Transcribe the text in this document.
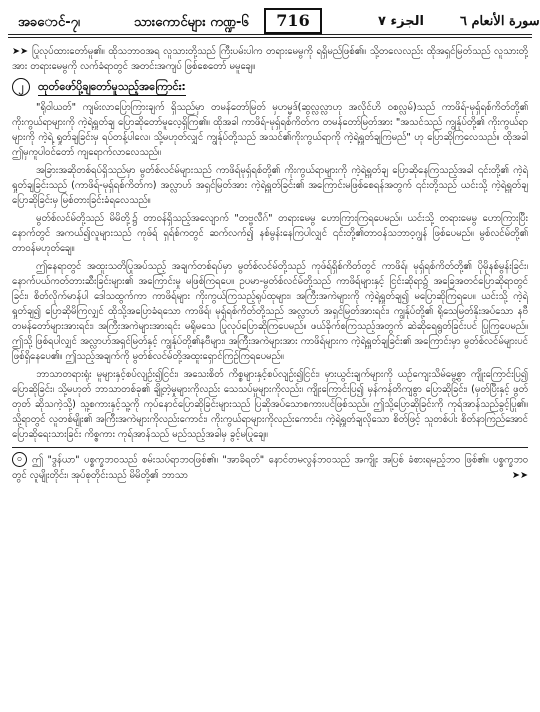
အခ​ောင်-၇၊	သားကောင်များ ကဏ္ဍ-၆	716	الجزء ٧	سورة الأنعام ٦

➤➤ ပြုလုပ်ထားတော်မူ၏။ ထိုသဘာဝအရ လူသားတို့သည် ကြီးပမ်းပါက တရားမေမွကို ရရှိမည်ဖြစ်၏။ သို့တလေလည်း ထိုအရှင်မြတ်သည် လူသားတို့အား တရားမေမွကို လက်ခံရာတွင် အတင်းအကျပ် ဖြစ်စေတော် မမူချေ။

၂	ထုတ်ဖော်ပို့ချတော်မူသည့်အကြောင်း:

"ရိုဝါယတ်" ကျမ်းလာပြောကြားချက် ရှိသည်မှာ တမန်တော်မြတ် မှဟမ္မဒ်(ဆွလ္လလ္လာဟု အလိုင်ဟိ ဝစလ္လမ်)သည် ကာဖိရ်-မုရှ်ရစ်ကိတ်တို့၏ ကိုးကွယ်ရာများကို ကဲ့ရဲ့ရှုတ်ချ ပြောဆိုတော်မူလေ့ရှိကြ၏။ ထိုအခါ ကာဖိရ်-မုရှ်ရစ်ကိတ်က တမန်တော်မြတ်အား "အသင်သည် ကျွန်ုပ်တို့၏ ကိုးကွယ်ရာများကို ကဲ့ရဲ့ ရှုတ်ချခြင်းမှ ရပ်တန့်ပါလေ၊ သို့မဟုတ်လျှင် ကျွန်ုပ်တို့သည် အသင်၏ကိုးကွယ်ရာကို ကဲ့ရဲ့ရှုတ်ချကြမည်" ဟု ပြောဆိုကြလေသည်။ ထိုအခါ ဤမှကူပါဝင်တော် ကျရောက်လာလေသည်။

အခြားအဆိုတစ်ရပ်ရှိသည်မှာ မွတ်စ်လင်မ်များသည် ကာဖိရ်မုရှ်ရစ်တို့၏ ကိုးကွယ်ရာများကို ကဲ့ရဲ့ရှုတ်ချ ပြောဆိုနေကြသည့်အခါ ၎င်းတို့၏ ကဲ့ရဲ့ရှုတ်ချခြင်းသည် (ကာဖိရ်-မုရှ်ရစ်ကိတ်က) အလ္လာဟ် အရှင်မြတ်အား ကဲ့ရဲ့ရှုတ်ခြင်း၏ အကြောင်းမဖြစ်စေရန်အတွက် ၎င်းတို့သည် ယင်းသို့ ကဲ့ရဲ့ရှုတ်ချ ပြောဆိုခြင်းမှ မြစ်တားခြင်းခံရလေသည်။

မွတ်စ်လင်မ်တို့သည် မိမိတို့၌ တာဝန်ရှိသည့်အလျောက် "တဗ္ဗလီဂ်" တရားမေမွ ဟောကြားကြရပေမည်။ ယင်းသို့ တရားမေမွ ဟောကြားပြီးနောက်တွင် အကယ်၍လူများသည် ကုဖ်ရ် ရှရ်စ်ကတွင် ဆက်လက်၍ နစ်မွန်းနေကြပါလျှင် ၎င်းတို့၏တာဝန်သဘာဝ့ဂျွန် ဖြစ်ပေမည်။ မွစ်လင်မ်တို့၏ တာဝန်မဟုတ်ချေ။

ဤနေရာတွင် အထူးသတိပြုအပ်သည့် အချက်တစ်ရပ်မှာ မွတ်စ်လင်မ်တို့သည် ကုဖ်ရ်ရှိစ်ကိတ်တွင် ကာဖိရ်၊ မုရှ်ရစ်ကိတ်တို့၏ ပိုမိုနစ်မွန်းခြင်း၊ နောက်ပယ်ကတ်တားဆီးခြင်းများ၏ အကြောင်းမှု မဖြစ်ကြရပေ။ ဥပမာ-မွတ်စ်လင်မ်တို့သည် ကာဖိရ်များနှင့် ငြင်းဆိုရာ၌ အခြေအတင်ပြောဆိုရာတွင်ခြင်း၊ စိတ်လိုက်မာန်ပါ ဒေါသထွက်ကာ ကာဖိရ်များ ကိုးကွယ်ကြသည့်ရုပ်ထုများ၊ အကြီးအကဲများကို ကဲ့ရဲ့ရှုတ်ချ၍ မပြောဆိုကြရပေ။ ယင်းသို့ ကဲ့ရဲ့ရှုတ်ချ၍ ပြောဆိုမိကြလျှင် ထိုသို့အပြောခံရသော ကာဖိရ်၊ မုရှ်ရစ်ကိတ်တို့သည် အလ္လာဟ် အရှင်မြတ်အားရင်း၊ ကျွန်ုပ်တို့၏ ရိုသေမြတ်နိုးအပ်သော နဗီတမန်တော်များအားရင်း၊ အကြီးအကဲများအားရင်း မရိုမသေ ပြုလုပ်ပြောဆိုကြပေမည်။ ဖယ်ခိုက်စကြသည့်အတွက် ဆဲဆိုရေရွတ်ခြင်းပင် ပြုကြပေမည်။ ဤသို့ ဖြစ်ရပါလျှင် အလ္လာဟ်အရှင်မြတ်နှင့် ကျွန်ုပ်တို့၏နဗီများ၊ အကြီးအကဲများအား ကာဖိရ်များက ကဲ့ရဲ့ရှုတ်ချခြင်း၏ အကြောင်းမှာ မွတ်စ်လင်မ်များပင် ဖြစ်ရှိနေပေ၏။ ဤသည့်အချက်ကို မွတ်စ်လင်မ်တို့အထူးရှောင်ကြဉ်ကြရပေမည်။

ဘာသာတရားရုံး မူများနှင့်စပ်လျဉ်း၍ငြင်း၊ အသေးစိတ် ကိစ္စများနှင့်စပ်လျဉ်း၍ငြင်း၊ မှားယွင်းချက်များကို ယဉ်ကျေးသိမ်မွေ့စွာ ကျိုးကြောင်းပြ၍ ပြောဆိုခြင်း၊ သို့မဟုတ် ဘာသာတစ်ခု၏ ချို့တဲ့မှုများကိုလည်း သေသပ်မှုများကိုလည်း၊ ကျိုးကြောင်းပြ၍ မှန်ကန်တိကျစွာ ပြောဆိုခြင်း၊ (မှတ်ပြီးနှင့် ဖွတ်တုတ် ဆိုသကဲ့သို့) သူ့စကားနှင့်သူ့ကို ကုပ်နောင်ပြောဆိုခြင်းများသည် ပြဆိုအပ်သောစကားပင်ဖြစ်သည်။ ဤသို့ပြောဆိုခြင်းကို ကုရ်အာန်သည်ခွင့်ပြု၏။ သို့ရာတွင် လူတစ်မျိုး၏ အကြီးအကဲများကိုလည်းကောင်း၊ ကိုးကွယ်ရာများကိုလည်းကောင်း၊ ကဲ့ရဲ့ရှုတ်ချလိုသော စိတ်ဖြင့် သူတစ်ပါး စိတ်နာကြည်အောင် ပြောဆိုရေးသားခြင်း ကိစ္စကား ကုရ်အာန်သည် မည်သည့်အခါမှ ခွင့်မပြုချေ။

၀ ဤ "ဒွန်ယာ" ပစ္စက္ခဘဝသည် စမ်းသပ်ရာဘဝဖြစ်၏။ "အာခိရတ်" နောင်တမလွန်ဘဝသည် အကျိုး အပြစ် ခံစားရမည့်ဘဝ ဖြစ်၏။ ပစ္စက္ခဘဝတွင် လူမျိုးတိုင်း၊ အုပ်စုတိုင်းသည် မိမိတို့၏ ဘာသာ	➤➤
